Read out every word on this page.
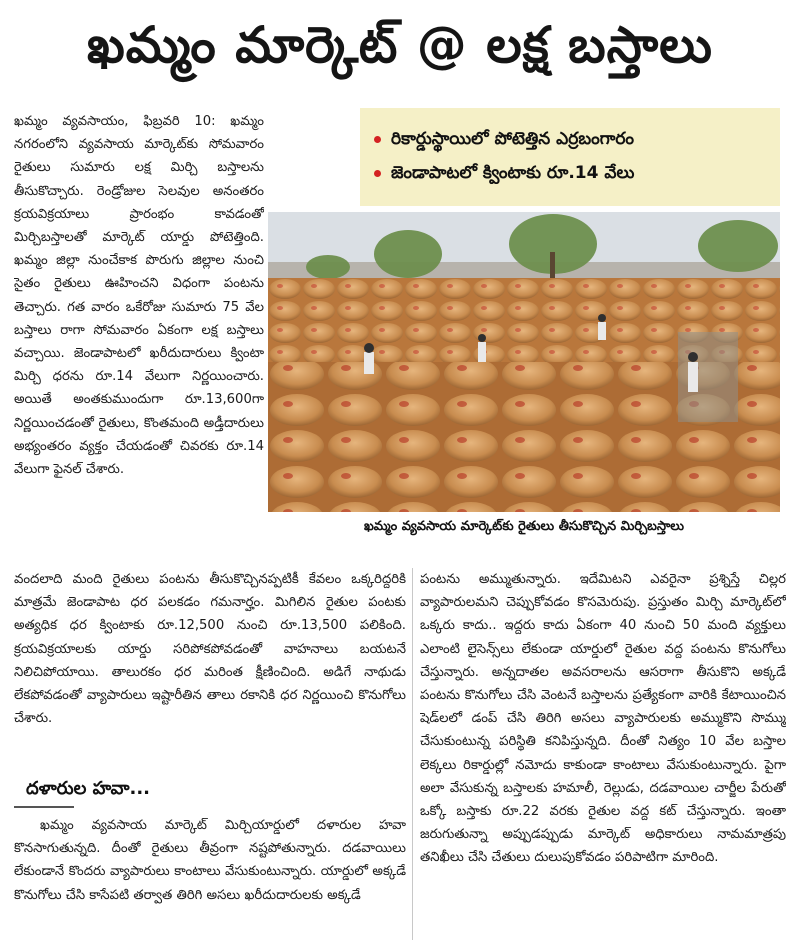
ఖమ్మం మార్కెట్ @ లక్ష బస్తాలు

ఖమ్మం వ్యవసాయం, ఫిబ్రవరి 10: ఖమ్మం నగరంలోని వ్యవసాయ మార్కెట్‌కు సోమవారం రైతులు సుమారు లక్ష మిర్చి బస్తాలను తీసుకొచ్చారు. రెండ్రోజుల సెలవుల అనంతరం క్రయవిక్రయాలు ప్రారంభం కావడంతో మిర్చిబస్తాలతో మార్కెట్ యార్డు పోటెత్తింది. ఖమ్మం జిల్లా నుంచేకాక పొరుగు జిల్లాల నుంచి సైతం రైతులు ఊహించని విధంగా పంటను తెచ్చారు. గత వారం ఒకేరోజు సుమారు 75 వేల బస్తాలు రాగా సోమవారం ఏకంగా లక్ష బస్తాలు వచ్చాయి. జెండాపాటలో ఖరీదుదారులు క్వింటా మిర్చి ధరను రూ.14 వేలుగా నిర్ణయించారు. అయితే అంతకుముందుగా రూ.13,600గా నిర్ణయించడంతో రైతులు, కొంతమంది అడ్తీదారులు అభ్యంతరం వ్యక్తం చేయడంతో చివరకు రూ.14 వేలుగా ఫైనల్ చేశారు.

రికార్డుస్థాయిలో పోటెత్తిన ఎర్రబంగారం
జెండాపాటలో క్వింటాకు రూ.14 వేలు
ఖమ్మం వ్యవసాయ మార్కెట్‌కు రైతులు తీసుకొచ్చిన మిర్చిబస్తాలు

వందలాది మంది రైతులు పంటను తీసుకొచ్చినప్పటికీ కేవలం ఒక్కరిద్దరికి మాత్రమే జెండాపాట ధర పలకడం గమనార్హం. మిగిలిన రైతుల పంటకు అత్యధిక ధర క్వింటాకు రూ.12,500 నుంచి రూ.13,500 పలికింది. క్రయవిక్రయాలకు యార్డు సరిపోకపోవడంతో వాహనాలు బయటనే నిలిచిపోయాయి. తాలురకం ధర మరింత క్షీణించింది. అడిగే నాథుడు లేకపోవడంతో వ్యాపారులు ఇష్టారీతిన తాలు రకానికి ధర నిర్ణయించి కొనుగోలు చేశారు.

దళారుల హవా...

ఖమ్మం వ్యవసాయ మార్కెట్ మిర్చియార్డులో దళారుల హవా కొనసాగుతున్నది. దీంతో రైతులు తీవ్రంగా నష్టపోతున్నారు. దడవాయిలు లేకుండానే కొందరు వ్యాపారులు కాంటాలు వేసుకుంటున్నారు. యార్డులో అక్కడే కొనుగోలు చేసి కాసేపటి తర్వాత తిరిగి అసలు ఖరీదుదారులకు అక్కడే

పంటను అమ్ముతున్నారు. ఇదేమిటని ఎవరైనా ప్రశ్నిస్తే చిల్లర వ్యాపారులమని చెప్పుకోవడం కొసమెరుపు. ప్రస్తుతం మిర్చి మార్కెట్‌లో ఒక్కరు కాదు.. ఇద్దరు కాదు ఏకంగా 40 నుంచి 50 మంది వ్యక్తులు ఎలాంటి లైసెన్స్‌లు లేకుండా యార్డులో రైతుల వద్ద పంటను కొనుగోలు చేస్తున్నారు. అన్నదాతల అవసరాలను ఆసరాగా తీసుకొని అక్కడే పంటను కొనుగోలు చేసి వెంటనే బస్తాలను ప్రత్యేకంగా వారికి కేటాయించిన షెడ్‌లలో డంప్ చేసి తిరిగి అసలు వ్యాపారులకు అమ్ముకొని సొమ్ము చేసుకుంటున్న పరిస్థితి కనిపిస్తున్నది. దీంతో నిత్యం 10 వేల బస్తాల లెక్కలు రికార్డుల్లో నమోదు కాకుండా కాంటాలు వేసుకుంటున్నారు. పైగా అలా వేసుకున్న బస్తాలకు హమాలీ, రెల్లుడు, దడవాయిల చార్జీల పేరుతో ఒక్కో బస్తాకు రూ.22 వరకు రైతుల వద్ద కట్ చేస్తున్నారు. ఇంతా జరుగుతున్నా అప్పుడప్పుడు మార్కెట్ అధికారులు నామమాత్రపు తనిఖీలు చేసి చేతులు దులుపుకోవడం పరిపాటిగా మారింది.
